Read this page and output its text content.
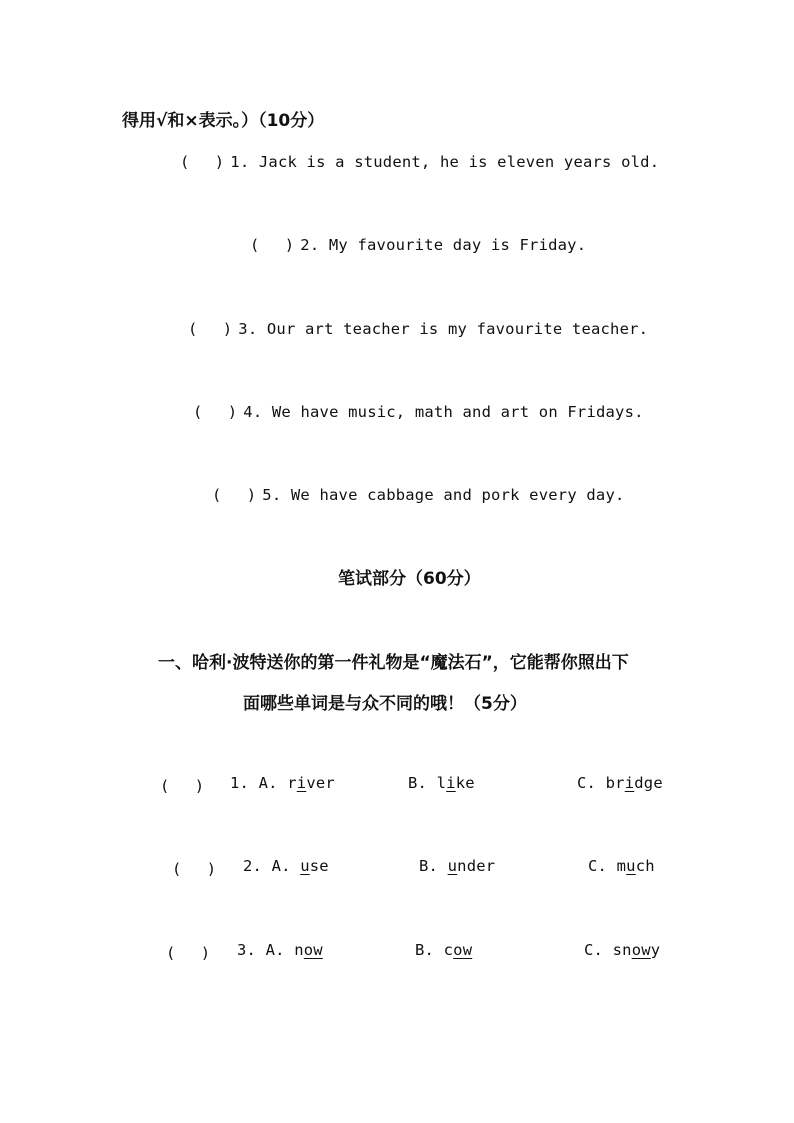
得用√和×表示。）（10分）
(　 ) 1. Jack is a student, he is eleven years old.
(　 ) 2. My favourite day is Friday.
(　 ) 3. Our art teacher is my favourite teacher.
(　 ) 4. We have music, math and art on Fridays.
(　 ) 5. We have cabbage and pork every day.
笔试部分（60分）
一、哈利·波特送你的第一件礼物是“魔法石”，它能帮你照出下
面哪些单词是与众不同的哦！（5分）
(　 ) 1. A. river	B. like	C. bridge
(　 ) 2. A. use	B. under	C. much
(　 ) 3. A. now	B. cow	C. snowy
